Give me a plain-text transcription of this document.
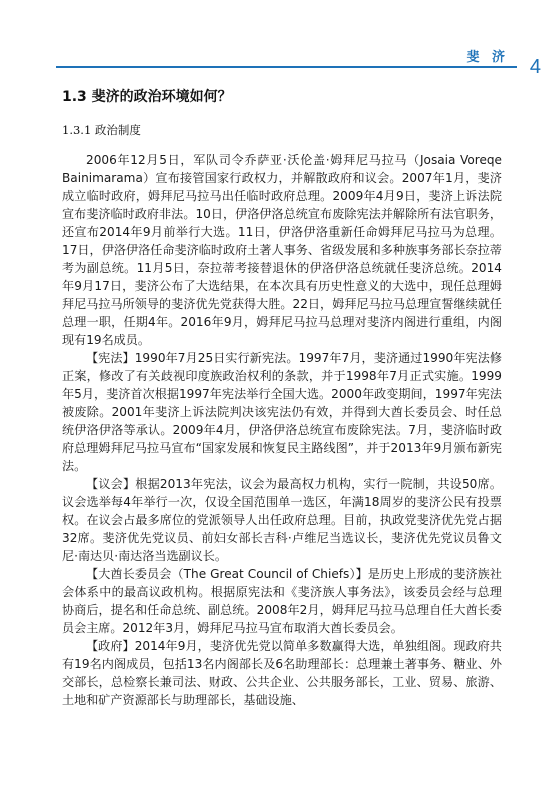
斐 济 4
1.3 斐济的政治环境如何？
1.3.1 政治制度

2006年12月5日，军队司令乔萨亚·沃伦盖·姆拜尼马拉马（Josaia Voreqe Bainimarama）宣布接管国家行政权力，并解散政府和议会。2007年1月，斐济成立临时政府，姆拜尼马拉马出任临时政府总理。2009年4月9日，斐济上诉法院宣布斐济临时政府非法。10日，伊洛伊洛总统宣布废除宪法并解除所有法官职务，还宣布2014年9月前举行大选。11日，伊洛伊洛重新任命姆拜尼马拉马为总理。17日，伊洛伊洛任命斐济临时政府土著人事务、省级发展和多种族事务部长奈拉蒂考为副总统。11月5日，奈拉蒂考接替退休的伊洛伊洛总统就任斐济总统。2014年9月17日，斐济公布了大选结果，在本次具有历史性意义的大选中，现任总理姆拜尼马拉马所领导的斐济优先党获得大胜。22日，姆拜尼马拉马总理宣誓继续就任总理一职，任期4年。2016年9月，姆拜尼马拉马总理对斐济内阁进行重组，内阁现有19名成员。

【宪法】1990年7月25日实行新宪法。1997年7月，斐济通过1990年宪法修正案，修改了有关歧视印度族政治权利的条款，并于1998年7月正式实施。1999年5月，斐济首次根据1997年宪法举行全国大选。2000年政变期间，1997年宪法被废除。2001年斐济上诉法院判决该宪法仍有效，并得到大酋长委员会、时任总统伊洛伊洛等承认。2009年4月，伊洛伊洛总统宣布废除宪法。7月，斐济临时政府总理姆拜尼马拉马宣布“国家发展和恢复民主路线图”，并于2013年9月颁布新宪法。

【议会】根据2013年宪法，议会为最高权力机构，实行一院制，共设50席。议会选举每4年举行一次，仅设全国范围单一选区，年满18周岁的斐济公民有投票权。在议会占最多席位的党派领导人出任政府总理。目前，执政党斐济优先党占据32席。斐济优先党议员、前妇女部长吉科·卢维尼当选议长，斐济优先党议员鲁文尼·南达贝·南达洛当选副议长。

【大酋长委员会（The Great Council of Chiefs）】是历史上形成的斐济族社会体系中的最高议政机构。根据原宪法和《斐济族人事务法》，该委员会经与总理协商后，提名和任命总统、副总统。2008年2月，姆拜尼马拉马总理自任大酋长委员会主席。2012年3月，姆拜尼马拉马宣布取消大酋长委员会。

【政府】2014年9月，斐济优先党以简单多数赢得大选，单独组阁。现政府共有19名内阁成员，包括13名内阁部长及6名助理部长：总理兼土著事务、糖业、外交部长，总检察长兼司法、财政、公共企业、公共服务部长，工业、贸易、旅游、土地和矿产资源部长与助理部长，基础设施、
